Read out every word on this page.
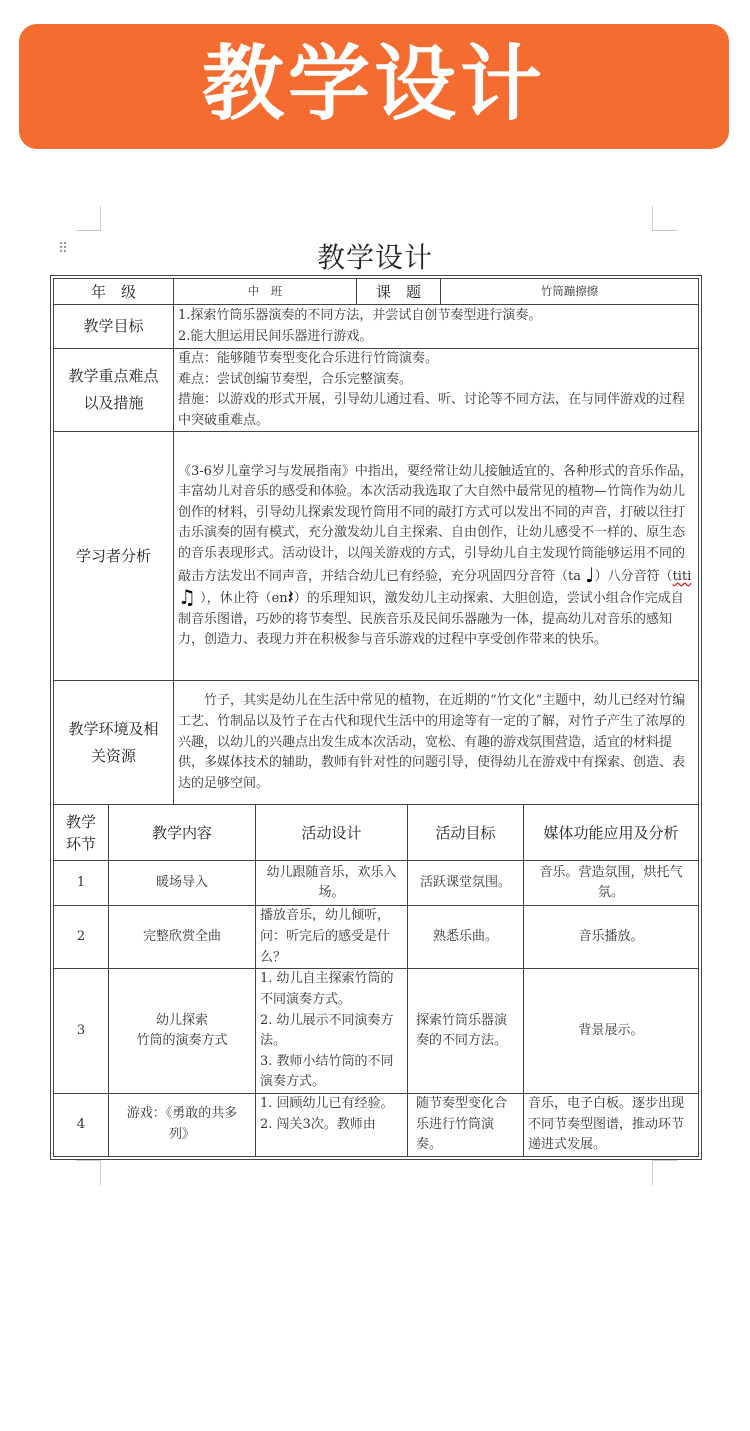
教学设计
⠿	教学设计
年　级	中　班	课　题	竹筒蹦擦擦
教学目标	1.探索竹筒乐器演奏的不同方法，并尝试自创节奏型进行演奏。
2.能大胆运用民间乐器进行游戏。		

教学重点难点
以及措施	重点：能够随节奏型变化合乐进行竹筒演奏。
难点：尝试创编节奏型，合乐完整演奏。
措施：以游戏的形式开展，引导幼儿通过看、听、讨论等不同方法，在与同伴游戏的过程中突破重难点。		

学习者分析	《3-6岁儿童学习与发展指南》中指出，要经常让幼儿接触适宜的、各种形式的音乐作品，丰富幼儿对音乐的感受和体验。本次活动我选取了大自然中最常见的植物—竹筒作为幼儿创作的材料，引导幼儿探索发现竹筒用不同的敲打方式可以发出不同的声音，打破以往打击乐演奏的固有模式，充分激发幼儿自主探索、自由创作，让幼儿感受不一样的、原生态的音乐表现形式。活动设计，以闯关游戏的方式，引导幼儿自主发现竹筒能够运用不同的敲击方法发出不同声音，并结合幼儿已有经验，充分巩固四分音符（ta ♩）八分音符（titi♫ ），休止符（en𝄽）的乐理知识，激发幼儿主动探索、大胆创造，尝试小组合作完成自制音乐图谱，巧妙的将节奏型、民族音乐及民间乐器融为一体，提高幼儿对音乐的感知力，创造力、表现力并在积极参与音乐游戏的过程中享受创作带来的快乐。		

教学环境及相
关资源	竹子，其实是幼儿在生活中常见的植物，在近期的“竹文化”主题中，幼儿已经对竹编工艺、竹制品以及竹子在古代和现代生活中的用途等有一定的了解，对竹子产生了浓厚的兴趣，以幼儿的兴趣点出发生成本次活动，宽松、有趣的游戏氛围营造，适宜的材料提供，多媒体技术的辅助，教师有针对性的问题引导，使得幼儿在游戏中有探索、创造、表达的足够空间。		
教学
环节	教学内容	活动设计	活动目标	媒体功能应用及分析
1	暖场导入	幼儿跟随音乐，欢乐入场。	活跃课堂氛围。	音乐。营造氛围，烘托气氛。
2	完整欣赏全曲	播放音乐，幼儿倾听，问：听完后的感受是什么？	熟悉乐曲。	音乐播放。
3	幼儿探索
竹筒的演奏方式	1. 幼儿自主探索竹筒的不同演奏方式。
2. 幼儿展示不同演奏方法。
3. 教师小结竹筒的不同演奏方式。	探索竹筒乐器演奏的不同方法。	背景展示。
4	游戏：《勇敢的共多列》	1. 回顾幼儿已有经验。
2. 闯关3次。教师由	随节奏型变化合乐进行竹筒演奏。	音乐，电子白板。逐步出现不同节奏型图谱，推动环节递进式发展。
